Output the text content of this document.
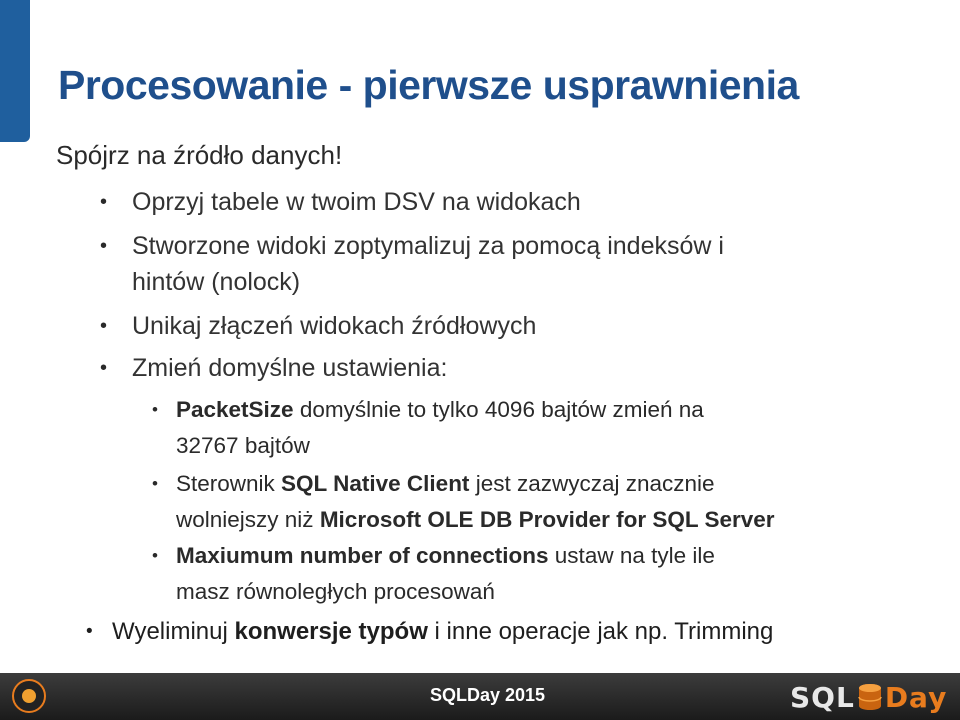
Procesowanie - pierwsze usprawnienia
Spójrz na źródło danych!
• Oprzyj tabele w twoim DSV na widokach
• Stworzone widoki zoptymalizuj za pomocą indeksów i
hintów (nolock)
• Unikaj złączeń widokach źródłowych
• Zmień domyślne ustawienia:
• PacketSize domyślnie to tylko 4096 bajtów zmień na
32767 bajtów
• Sterownik SQL Native Client jest zazwyczaj znacznie
wolniejszy niż Microsoft OLE DB Provider for SQL Server
• Maxiumum number of connections ustaw na tyle ile
masz równoległych procesowań
• Wyeliminuj konwersje typów i inne operacje jak np. Trimming
SQLDay 2015	SQL Day
